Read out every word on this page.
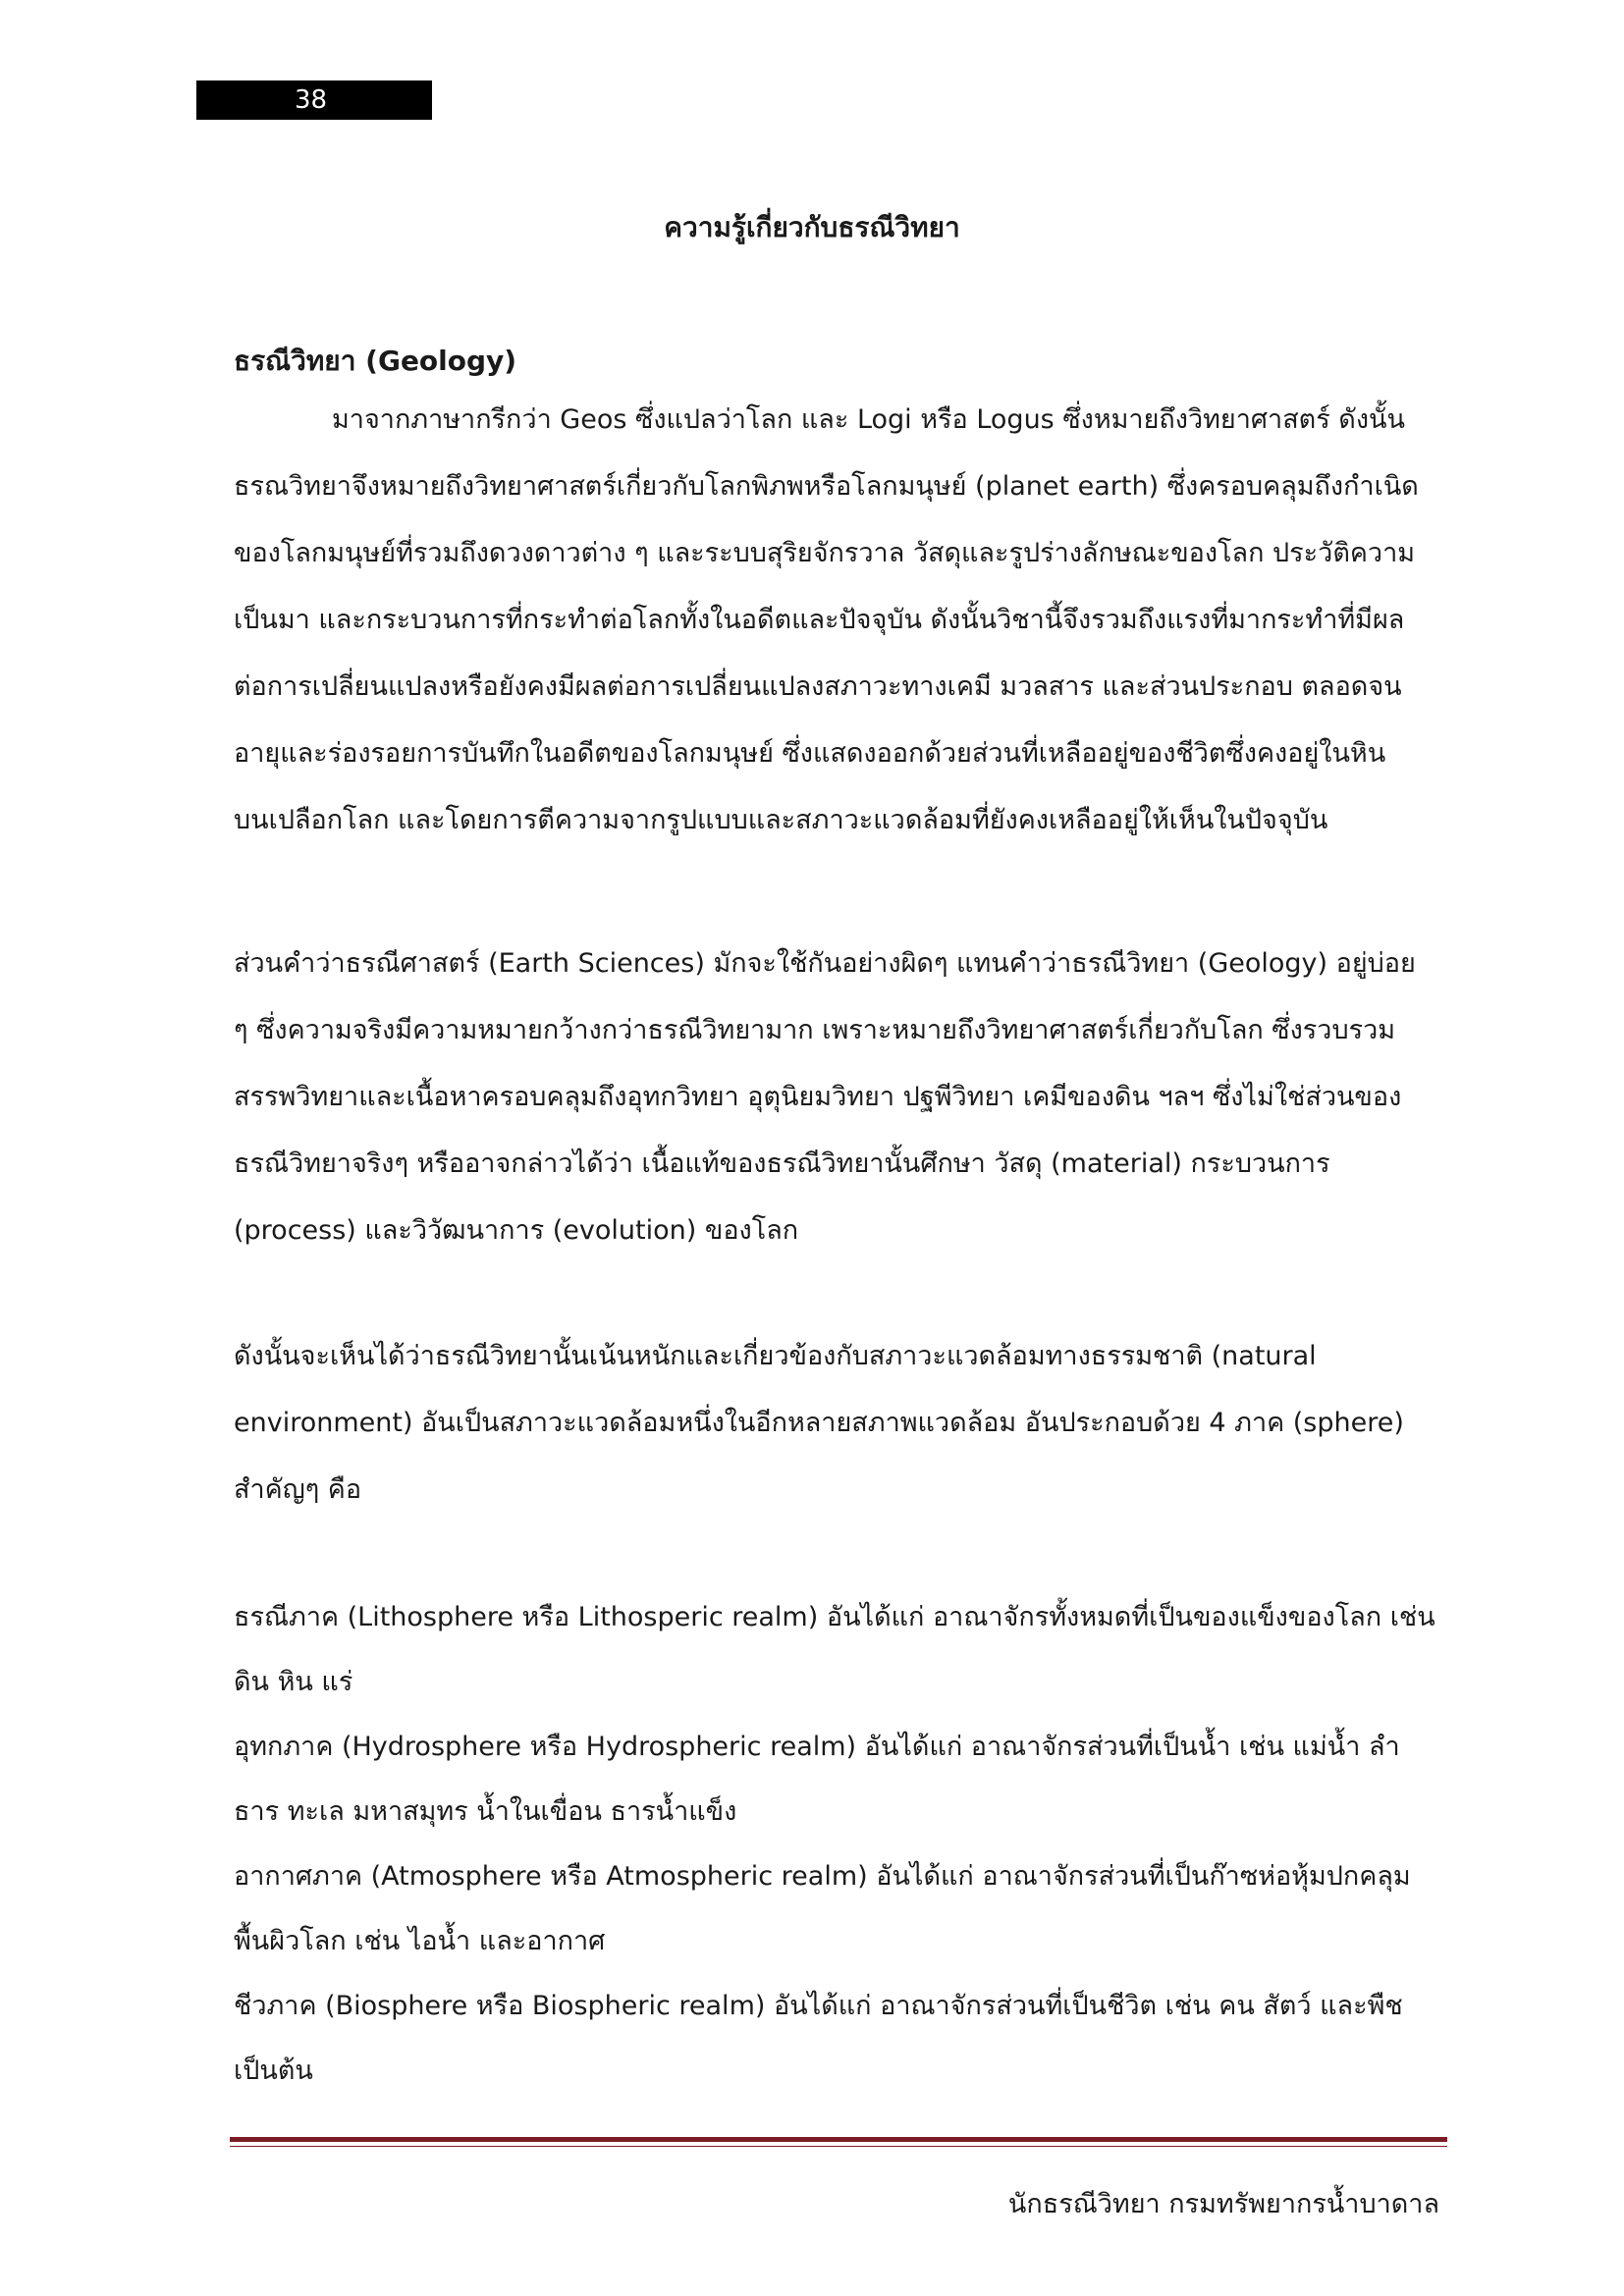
38
ความรู้เกี่ยวกับธรณีวิทยา
ธรณีวิทยา (Geology)
มาจากภาษากรีกว่า Geos ซึ่งแปลว่าโลก และ Logi หรือ Logus ซึ่งหมายถึงวิทยาศาสตร์ ดังนั้น
ธรณวิทยาจึงหมายถึงวิทยาศาสตร์เกี่ยวกับโลกพิภพหรือโลกมนุษย์ (planet earth) ซึ่งครอบคลุมถึงกำเนิด
ของโลกมนุษย์ที่รวมถึงดวงดาวต่าง ๆ และระบบสุริยจักรวาล วัสดุและรูปร่างลักษณะของโลก ประวัติความ
เป็นมา และกระบวนการที่กระทำต่อโลกทั้งในอดีตและปัจจุบัน ดังนั้นวิชานี้จึงรวมถึงแรงที่มากระทำที่มีผล
ต่อการเปลี่ยนแปลงหรือยังคงมีผลต่อการเปลี่ยนแปลงสภาวะทางเคมี มวลสาร และส่วนประกอบ ตลอดจน
อายุและร่องรอยการบันทึกในอดีตของโลกมนุษย์ ซึ่งแสดงออกด้วยส่วนที่เหลืออยู่ของชีวิตซึ่งคงอยู่ในหิน
บนเปลือกโลก และโดยการตีความจากรูปแบบและสภาวะแวดล้อมที่ยังคงเหลืออยู่ให้เห็นในปัจจุบัน
ส่วนคำว่าธรณีศาสตร์ (Earth Sciences) มักจะใช้กันอย่างผิดๆ แทนคำว่าธรณีวิทยา (Geology) อยู่บ่อย
ๆ ซึ่งความจริงมีความหมายกว้างกว่าธรณีวิทยามาก เพราะหมายถึงวิทยาศาสตร์เกี่ยวกับโลก ซึ่งรวบรวม
สรรพวิทยาและเนื้อหาครอบคลุมถึงอุทกวิทยา อุตุนิยมวิทยา ปฐพีวิทยา เคมีของดิน ฯลฯ ซึ่งไม่ใช่ส่วนของ
ธรณีวิทยาจริงๆ หรืออาจกล่าวได้ว่า เนื้อแท้ของธรณีวิทยานั้นศึกษา วัสดุ (material) กระบวนการ
(process) และวิวัฒนาการ (evolution) ของโลก
ดังนั้นจะเห็นได้ว่าธรณีวิทยานั้นเน้นหนักและเกี่ยวข้องกับสภาวะแวดล้อมทางธรรมชาติ (natural
environment) อันเป็นสภาวะแวดล้อมหนึ่งในอีกหลายสภาพแวดล้อม อันประกอบด้วย 4 ภาค (sphere)
สำคัญๆ คือ
ธรณีภาค (Lithosphere หรือ Lithosperic realm) อันได้แก่ อาณาจักรทั้งหมดที่เป็นของแข็งของโลก เช่น
ดิน หิน แร่
อุทกภาค (Hydrosphere หรือ Hydrospheric realm) อันได้แก่ อาณาจักรส่วนที่เป็นน้ำ เช่น แม่น้ำ ลำ
ธาร ทะเล มหาสมุทร น้ำในเขื่อน ธารน้ำแข็ง
อากาศภาค (Atmosphere หรือ Atmospheric realm) อันได้แก่ อาณาจักรส่วนที่เป็นก๊าซห่อหุ้มปกคลุม
พื้นผิวโลก เช่น ไอน้ำ และอากาศ
ชีวภาค (Biosphere หรือ Biospheric realm) อันได้แก่ อาณาจักรส่วนที่เป็นชีวิต เช่น คน สัตว์ และพืช
เป็นต้น
นักธรณีวิทยา กรมทรัพยากรน้ำบาดาล
